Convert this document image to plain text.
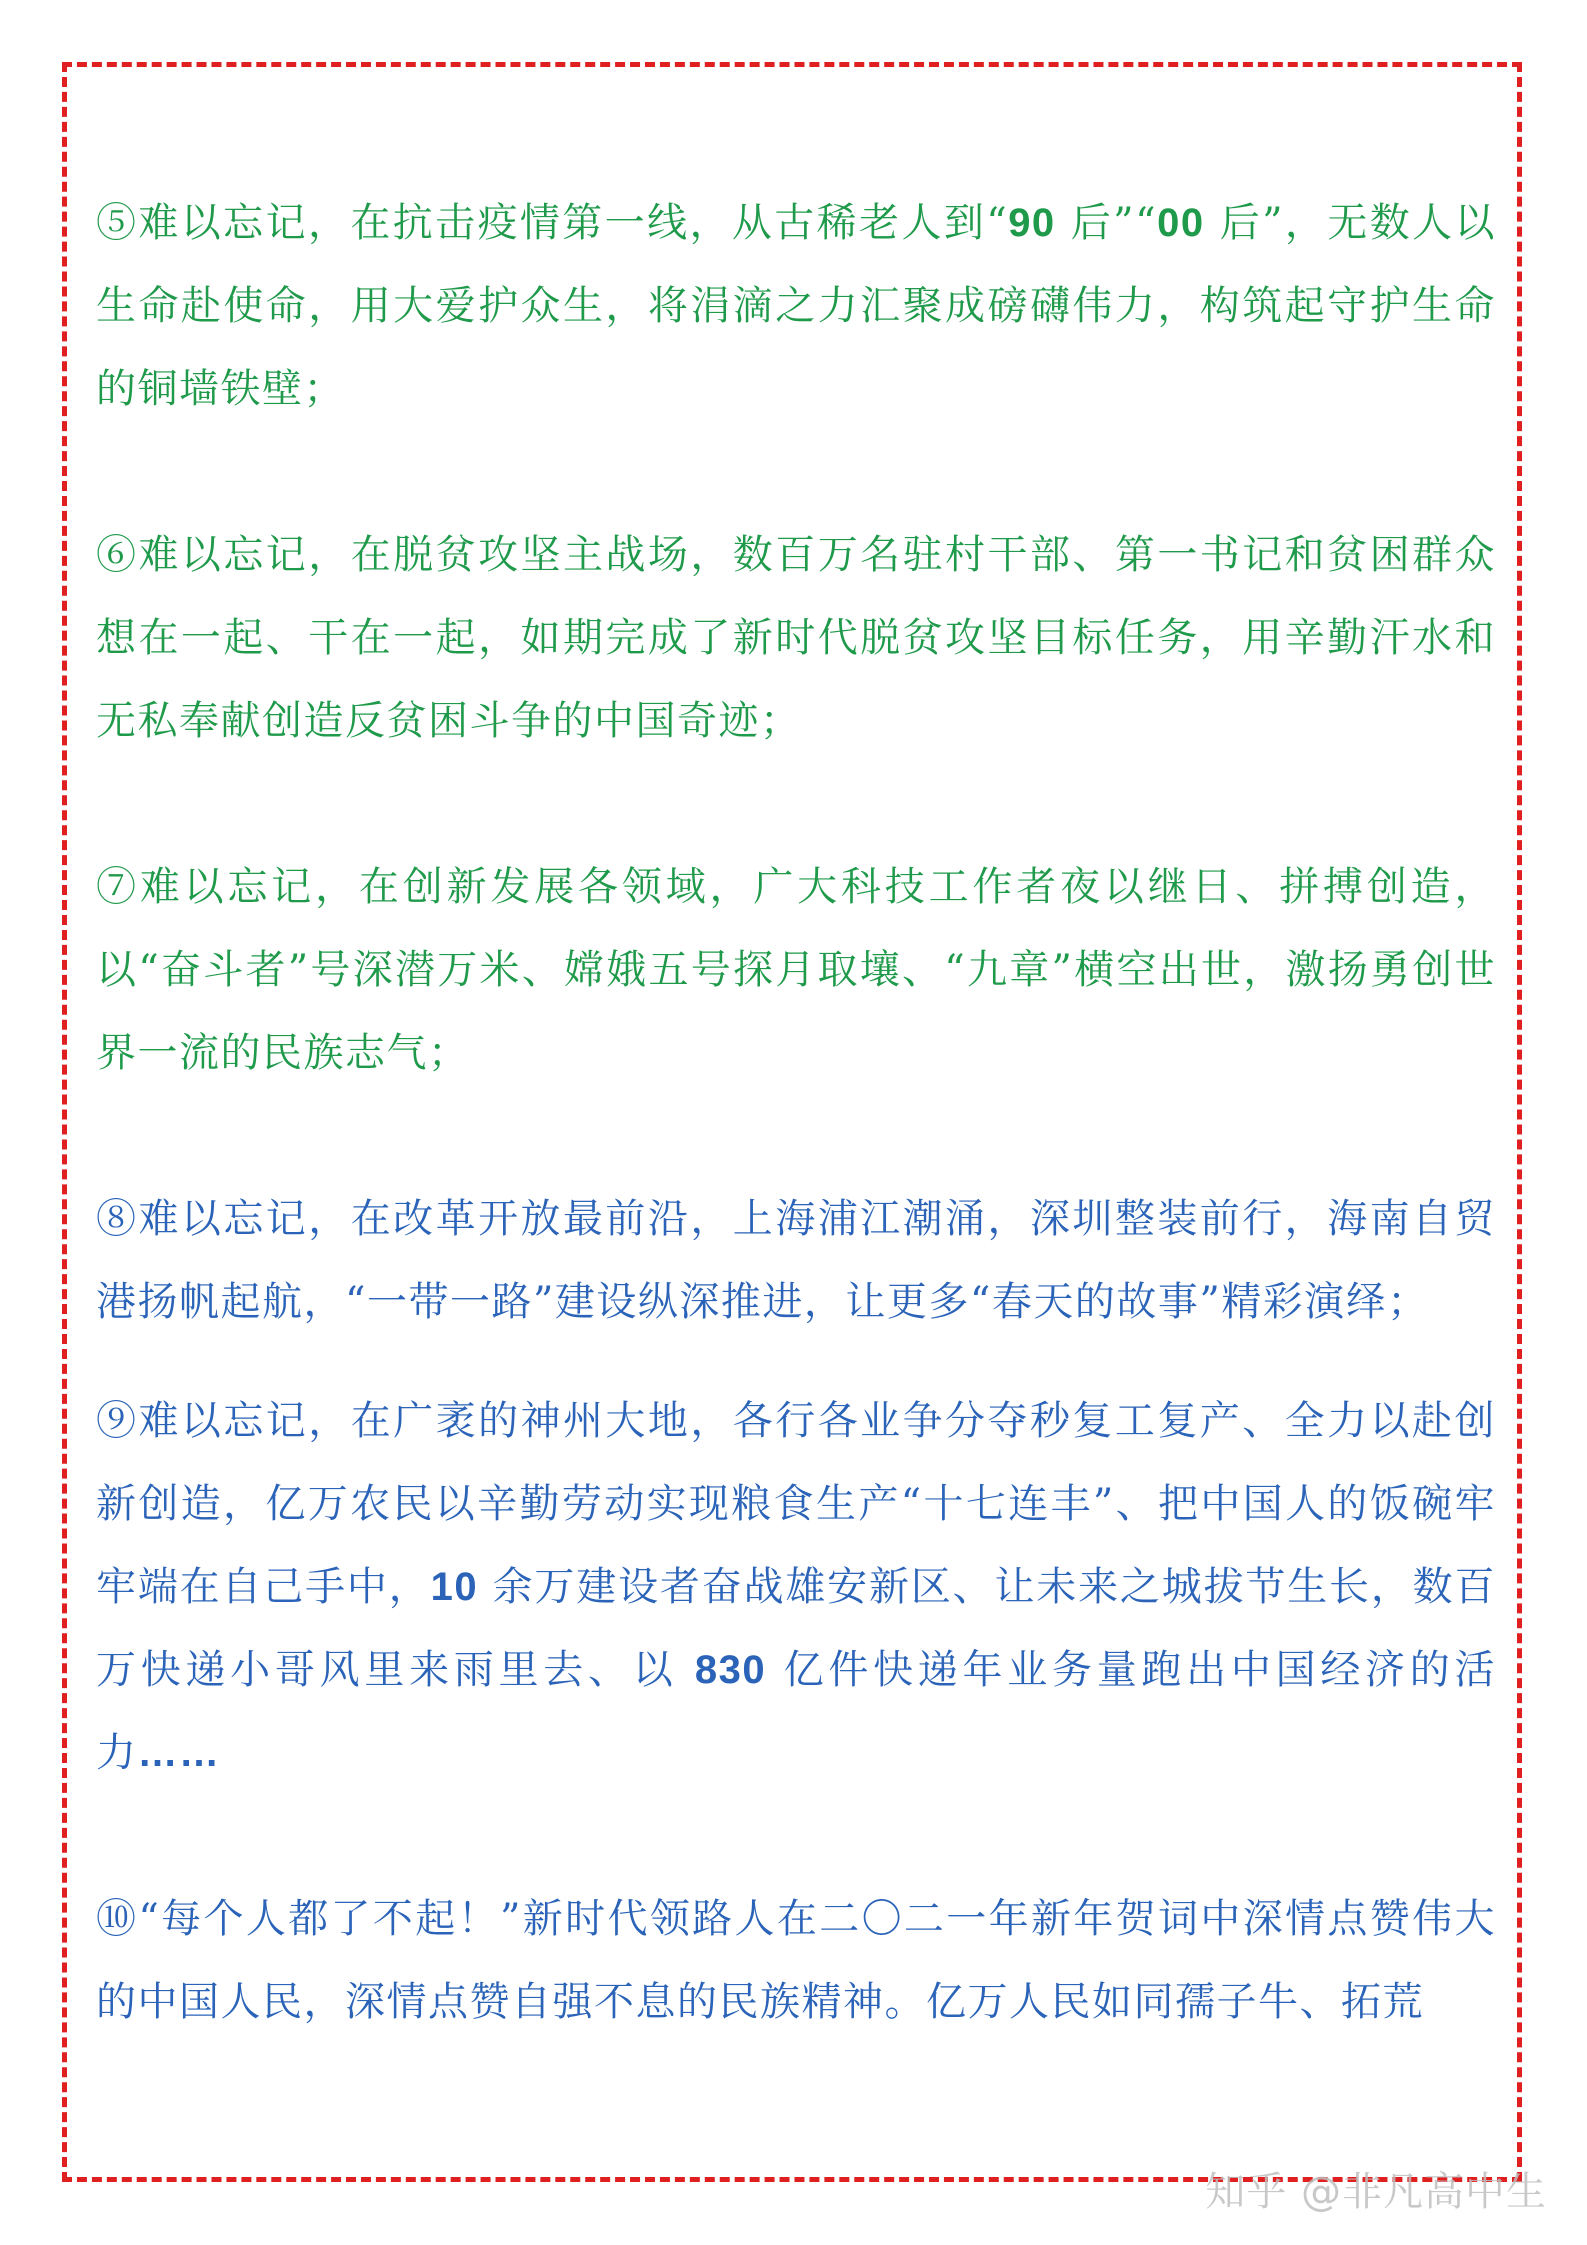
⑤难以忘记，在抗击疫情第一线，从古稀老人到“90 后”“00 后”，无数人以生命赴使命，用大爱护众生，将涓滴之力汇聚成磅礴伟力，构筑起守护生命的铜墙铁壁；

⑥难以忘记，在脱贫攻坚主战场，数百万名驻村干部、第一书记和贫困群众想在一起、干在一起，如期完成了新时代脱贫攻坚目标任务，用辛勤汗水和无私奉献创造反贫困斗争的中国奇迹；

⑦难以忘记，在创新发展各领域，广大科技工作者夜以继日、拼搏创造，以“奋斗者”号深潜万米、嫦娥五号探月取壤、“九章”横空出世，激扬勇创世界一流的民族志气；

⑧难以忘记，在改革开放最前沿，上海浦江潮涌，深圳整装前行，海南自贸港扬帆起航，“一带一路”建设纵深推进，让更多“春天的故事”精彩演绎；

⑨难以忘记，在广袤的神州大地，各行各业争分夺秒复工复产、全力以赴创新创造，亿万农民以辛勤劳动实现粮食生产“十七连丰”、把中国人的饭碗牢牢端在自己手中，10 余万建设者奋战雄安新区、让未来之城拔节生长，数百万快递小哥风里来雨里去、以 830 亿件快递年业务量跑出中国经济的活力……

⑩“每个人都了不起！”新时代领路人在二〇二一年新年贺词中深情点赞伟大的中国人民，深情点赞自强不息的民族精神。亿万人民如同孺子牛、拓荒

知乎 @非凡高中生
